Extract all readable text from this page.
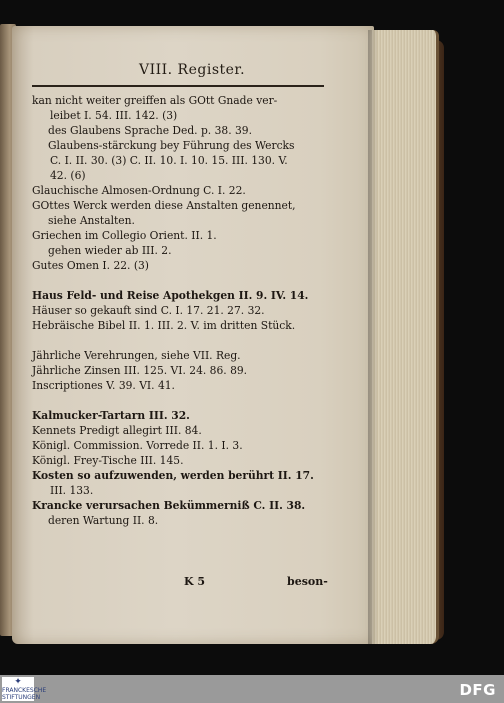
VIII. Register.
kan nicht weiter greiffen als GOtt Gnade ver-
leibet I. 54. III. 142. (3)
des Glaubens Sprache Ded. p. 38. 39.
Glaubens-stärckung bey Führung des Wercks
C. I. II. 30. (3) C. II. 10. I. 10. 15. III. 130. V.
42. (6)
Glauchische Almosen-Ordnung C. I. 22.
GOttes Werck werden diese Anstalten genennet,
siehe Anstalten.
Griechen im Collegio Orient. II. 1.
gehen wieder ab III. 2.
Gutes Omen I. 22. (3)
Haus Feld- und Reise Apothekgen II. 9. IV. 14.
Häuser so gekauft sind C. I. 17. 21. 27. 32.
Hebräische Bibel II. 1. III. 2. V. im dritten Stück.
Jährliche Verehrungen, siehe VII. Reg.
Jährliche Zinsen III. 125. VI. 24. 86. 89.
Inscriptiones V. 39. VI. 41.
Kalmucker-Tartarn III. 32.
Kennets Predigt allegirt III. 84.
Königl. Commission. Vorrede II. 1. I. 3.
Königl. Frey-Tische III. 145.
Kosten so aufzuwenden, werden berührt II. 17.
III. 133.
Krancke verursachen Bekümmerniß C. II. 38.
deren Wartung II. 8.
K 5	beson-
✦
FRANCKESCHE STIFTUNGEN	DFG
